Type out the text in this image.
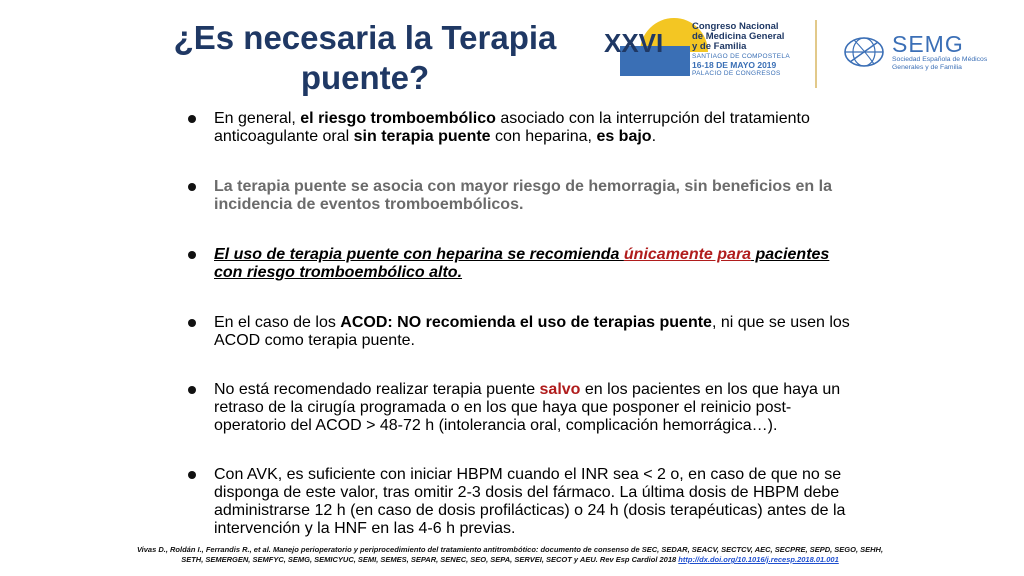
¿Es necesaria la Terapia
puente?
XXVI
Congreso Nacional
de Medicina General
y de Familia
SANTIAGO DE COMPOSTELA
16-18 DE MAYO 2019
PALACIO DE CONGRESOS
SEMG
Sociedad Española de Médicos
Generales y de Familia
En general, el riesgo tromboembólico asociado con la interrupción del tratamiento anticoagulante oral sin terapia puente con heparina, es bajo.
La terapia puente se asocia con mayor riesgo de hemorragia, sin beneficios en la incidencia de eventos tromboembólicos.
El uso de terapia puente con heparina se recomienda únicamente para pacientes con riesgo tromboembólico alto.
En el caso de los ACOD: NO recomienda el uso de terapias puente, ni que se usen los ACOD como terapia puente.
No está recomendado realizar terapia puente salvo en los pacientes en los que haya un retraso de la cirugía programada o en los que haya que posponer el reinicio post-operatorio del ACOD > 48-72 h (intolerancia oral, complicación hemorrágica…).
Con AVK, es suficiente con iniciar HBPM cuando el INR sea < 2 o, en caso de que no se disponga de este valor, tras omitir 2-3 dosis del fármaco. La última dosis de HBPM debe administrarse 12 h (en caso de dosis profilácticas) o 24 h (dosis terapéuticas) antes de la intervención y la HNF en las 4-6 h previas.
Vivas D., Roldán I., Ferrandis R., et al. Manejo perioperatorio y periprocedimiento del tratamiento antitrombótico: documento de consenso de SEC, SEDAR, SEACV, SECTCV, AEC, SECPRE, SEPD, SEGO, SEHH,
SETH, SEMERGEN, SEMFYC, SEMG, SEMICYUC, SEMI, SEMES, SEPAR, SENEC, SEO, SEPA, SERVEI, SECOT y AEU. Rev Esp Cardiol 2018 http://dx.doi.org/10.1016/j.recesp.2018.01.001
